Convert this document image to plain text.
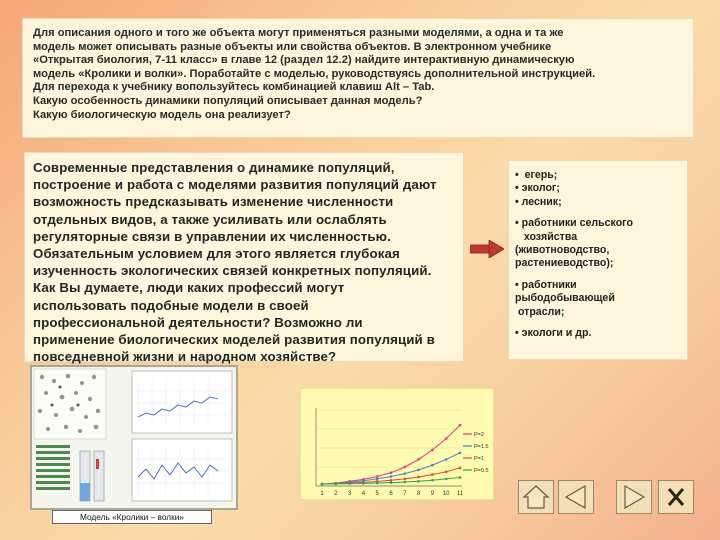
Для описания одного и того же объекта могут применяться разными моделями, а одна и та же

модель может описывать разные объекты или свойства объектов. В электронном учебнике

«Открытая биология, 7-11 класс» в главе 12 (раздел 12.2) найдите интерактивную динамическую

модель «Кролики и волки». Поработайте с моделью, руководствуясь дополнительной инструкцией.

Для перехода к учебнику вопользуйтесь комбинацией клавиш Alt – Tab.

Какую особенность динамики популяций описывает данная модель?

Какую биологическую модель она реализует?

Современные представления о динамике популяций,

построение и работа с моделями развития популяций дают

возможность предсказывать изменение численности

отдельных видов, а также усиливать или ослаблять

регуляторные связи в управлении их численностью.

Обязательным условием для этого является глубокая

изученность экологических связей конкретных популяций.

Как Вы думаете, люди каких профессий могут

использовать подобные модели в своей

профессиональной деятельности? Возможно ли

применение биологических моделей развития популяций в

повседневной жизни и народном хозяйстве?

•  егерь;
• эколог;
• лесник;
• работники сельского
хозяйства
(животноводство,
растениеводство);
• работники
рыбодобывающей
отрасли;
• экологи и др.
Модель «Кролики – волки»
1 2 3 4 5 6 7 8 9 10 11
Р=2
Р=1.5
Р=1
Р=0.5
